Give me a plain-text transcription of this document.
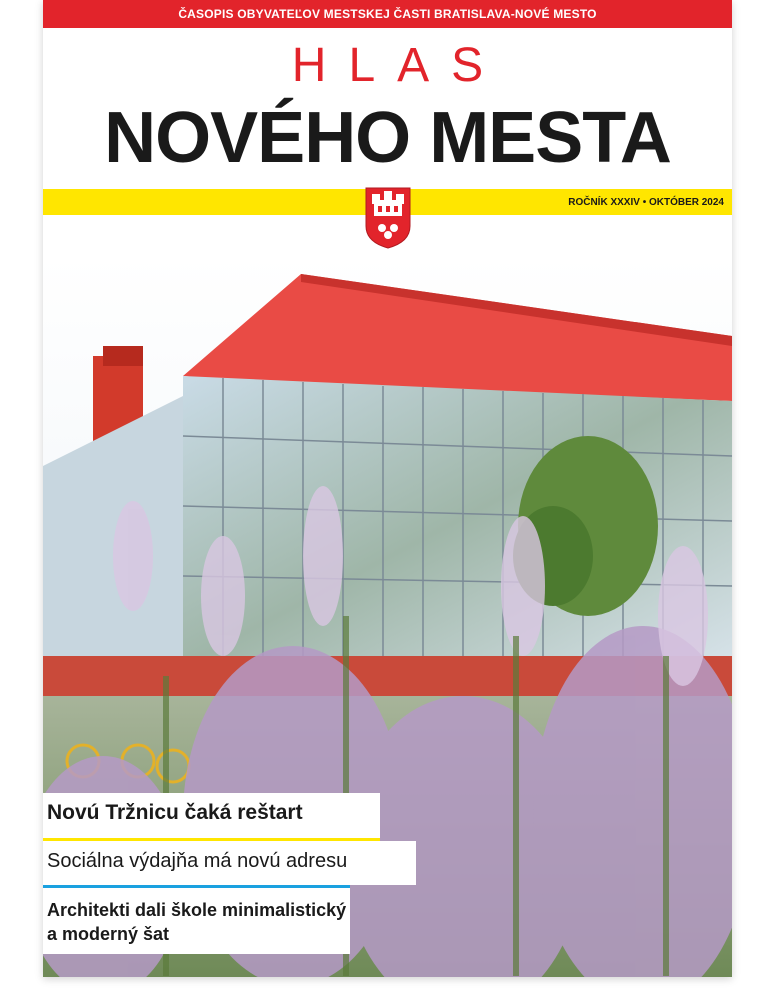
ČASOPIS OBYVATEĽOV MESTSKEJ ČASTI BRATISLAVA-NOVÉ MESTO
HLAS
NOVÉHO MESTA
ROČNÍK XXXIV • OKTÓBER 2024
Novú Tržnicu čaká reštart
Sociálna výdajňa má novú adresu
Architekti dali škole minimalistický a moderný šat
